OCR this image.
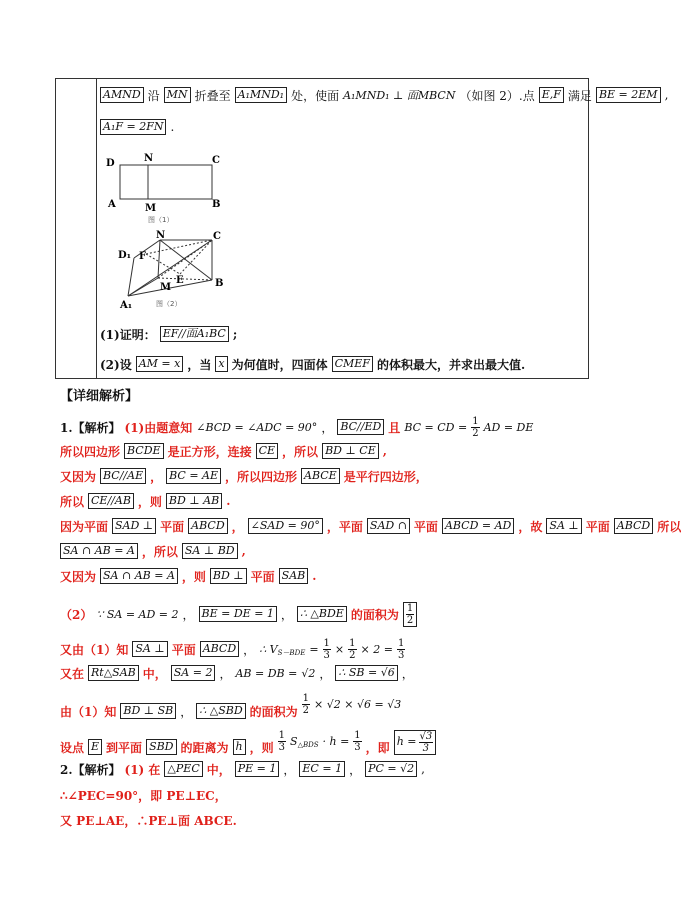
AMND 沿 MN 折叠至 A₁MND₁ 处，使面 A₁MND₁ ⊥ 面MBCN （如图 2）.点 E,F 满足 BE = 2EM ,
A₁F = 2FN .
D	N	C
A	M	B
图（1）
N	C
D₁ F
E	B
M
A₁	图（2）
(1)证明： EF//面A₁BC ;
(2)设 AM = x ，当 x 为何值时，四面体 CMEF 的体积最大，并求出最大值.
【详细解析】
1.【解析】 (1)由题意知 ∠BCD = ∠ADC = 90° ， BC//ED 且 BC = CD = $\frac{1}{2}$ AD = DE
所以四边形 BCDE 是正方形，连接 CE ，所以 BD ⊥ CE ,
又因为 BC//AE ， BC = AE ，所以四边形 ABCE 是平行四边形，
所以 CE//AB ，则 BD ⊥ AB .
因为平面 SAD ⊥ 平面 ABCD ， ∠SAD = 90° ，平面 SAD ∩ 平面 ABCD = AD ，故 SA ⊥ 平面 ABCD 所以
SA ∩ AB = A ，所以 SA ⊥ BD ,
又因为 SA ∩ AB = A ，则 BD ⊥ 平面 SAB .
（2） ∵ SA = AD = 2 ， BE = DE = 1 ， ∴ △BDE 的面积为 $\frac{1}{2}$
又由（1）知 SA ⊥ 平面 ABCD ， ∴ V $S-BDE = \frac{1}{3} \times \frac{1}{2} \times 2 = \frac{1}{3}$
又在 Rt△SAB 中， SA = 2 ， AB = DB = √2 ， ∴ SB = √6 ，
由（1）知 BD ⊥ SB ， ∴ △SBD 的面积为 $\frac{1}{2} \times √2 \times √6 = √3$
设点 E 到平面 SBD 的距离为 h ，则 $\frac{1}{3}$ S △BDS · $h = \frac{1}{3}$ ，即 $h = \frac{√3}{3}$
2.【解析】 (1) 在 △PEC 中， PE = 1 ， EC = 1 ， PC = √2 ,
∴∠PEC=90°，即 PE⊥EC，
又 PE⊥AE，∴PE⊥面 ABCE.
